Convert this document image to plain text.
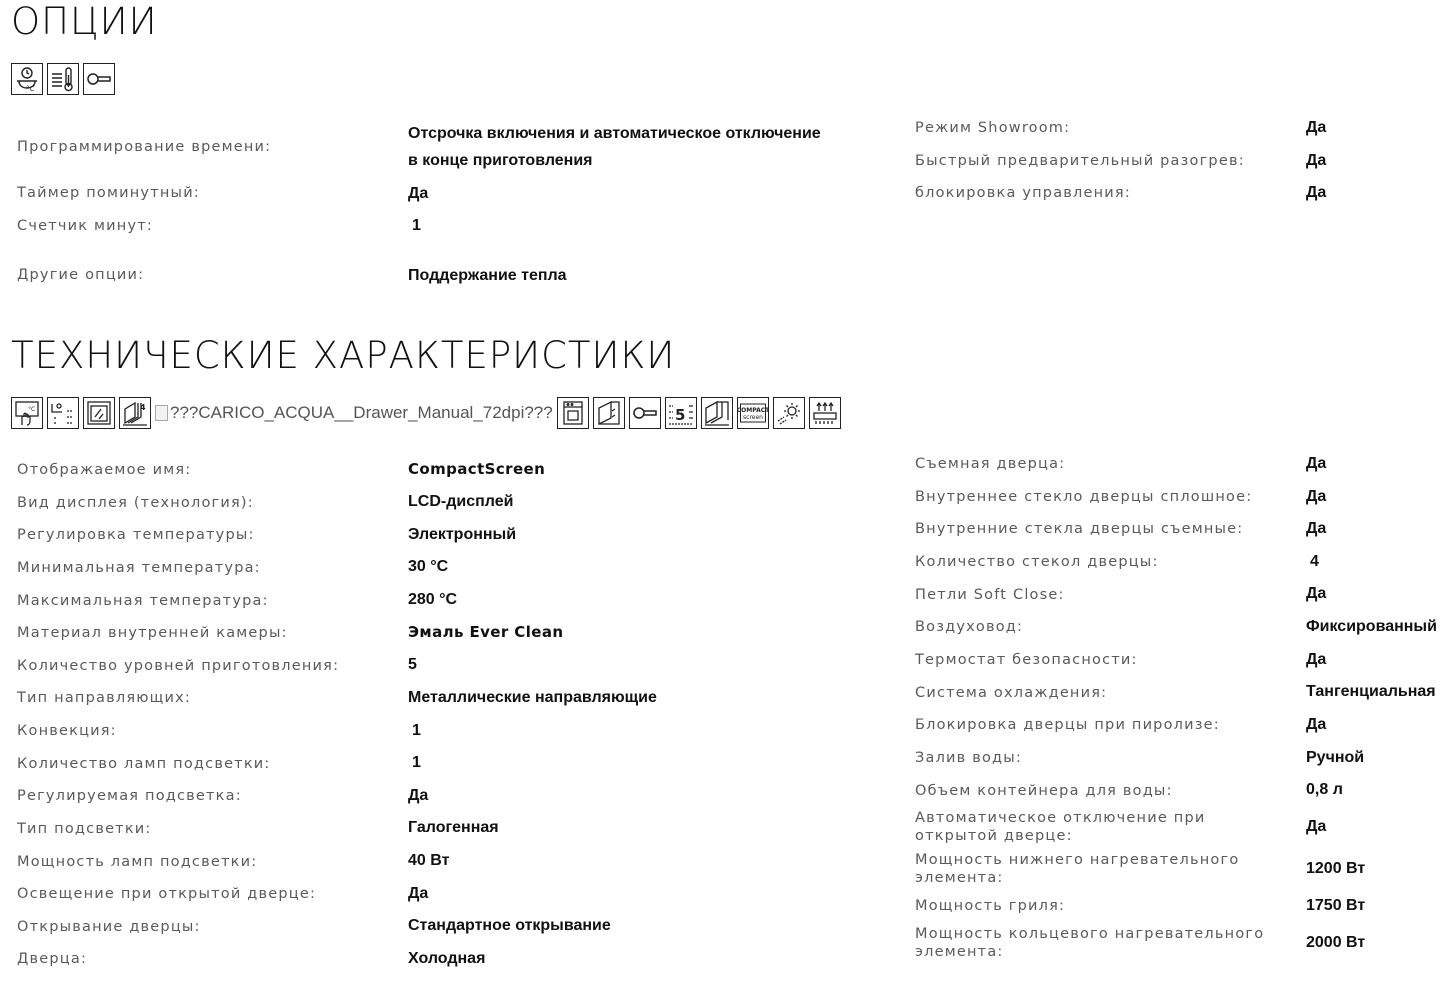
ОПЦИИ
°C
Программирование времени:
Отсрочка включения и автоматическое отключение
в конце приготовления
Таймер поминутный:	Да
Счетчик минут:	1
Другие опции:	Поддержание тепла
Режим Showroom:	Да
Быстрый предварительный разогрев:	Да
блокировка управления:	Да
ТЕХНИЧЕСКИЕ ХАРАКТЕРИСТИКИ
°C	4 ???CARICO_ACQUA__Drawer_Manual_72dpi???	5	COMPACT
screen
Отображаемое имя:	CompactScreen
Вид дисплея (технология):	LCD-дисплей
Регулировка температуры:	Электронный
Минимальная температура:	30 °C
Максимальная температура:	280 °C
Материал внутренней камеры:	Эмаль Ever Clean
Количество уровней приготовления:	5
Тип направляющих:	Металлические направляющие
Конвекция:	1
Количество ламп подсветки:	1
Регулируемая подсветка:	Да
Тип подсветки:	Галогенная
Мощность ламп подсветки:	40 Вт
Освещение при открытой дверце:	Да
Открывание дверцы:	Стандартное открывание
Дверца:	Холодная
Съемная дверца:	Да
Внутреннее стекло дверцы сплошное:	Да
Внутренние стекла дверцы съемные:	Да
Количество стекол дверцы:	4
Петли Soft Close:	Да
Воздуховод:	Фиксированный
Термостат безопасности:	Да
Система охлаждения:	Тангенциальная
Блокировка дверцы при пиролизе:	Да
Залив воды:	Ручной
Объем контейнера для воды:	0,8 л
Автоматическое отключение при
открытой дверце:
Да
Мощность нижнего нагревательного
элемента:
1200 Вт
Мощность гриля:	1750 Вт
Мощность кольцевого нагревательного
элемента:
2000 Вт
